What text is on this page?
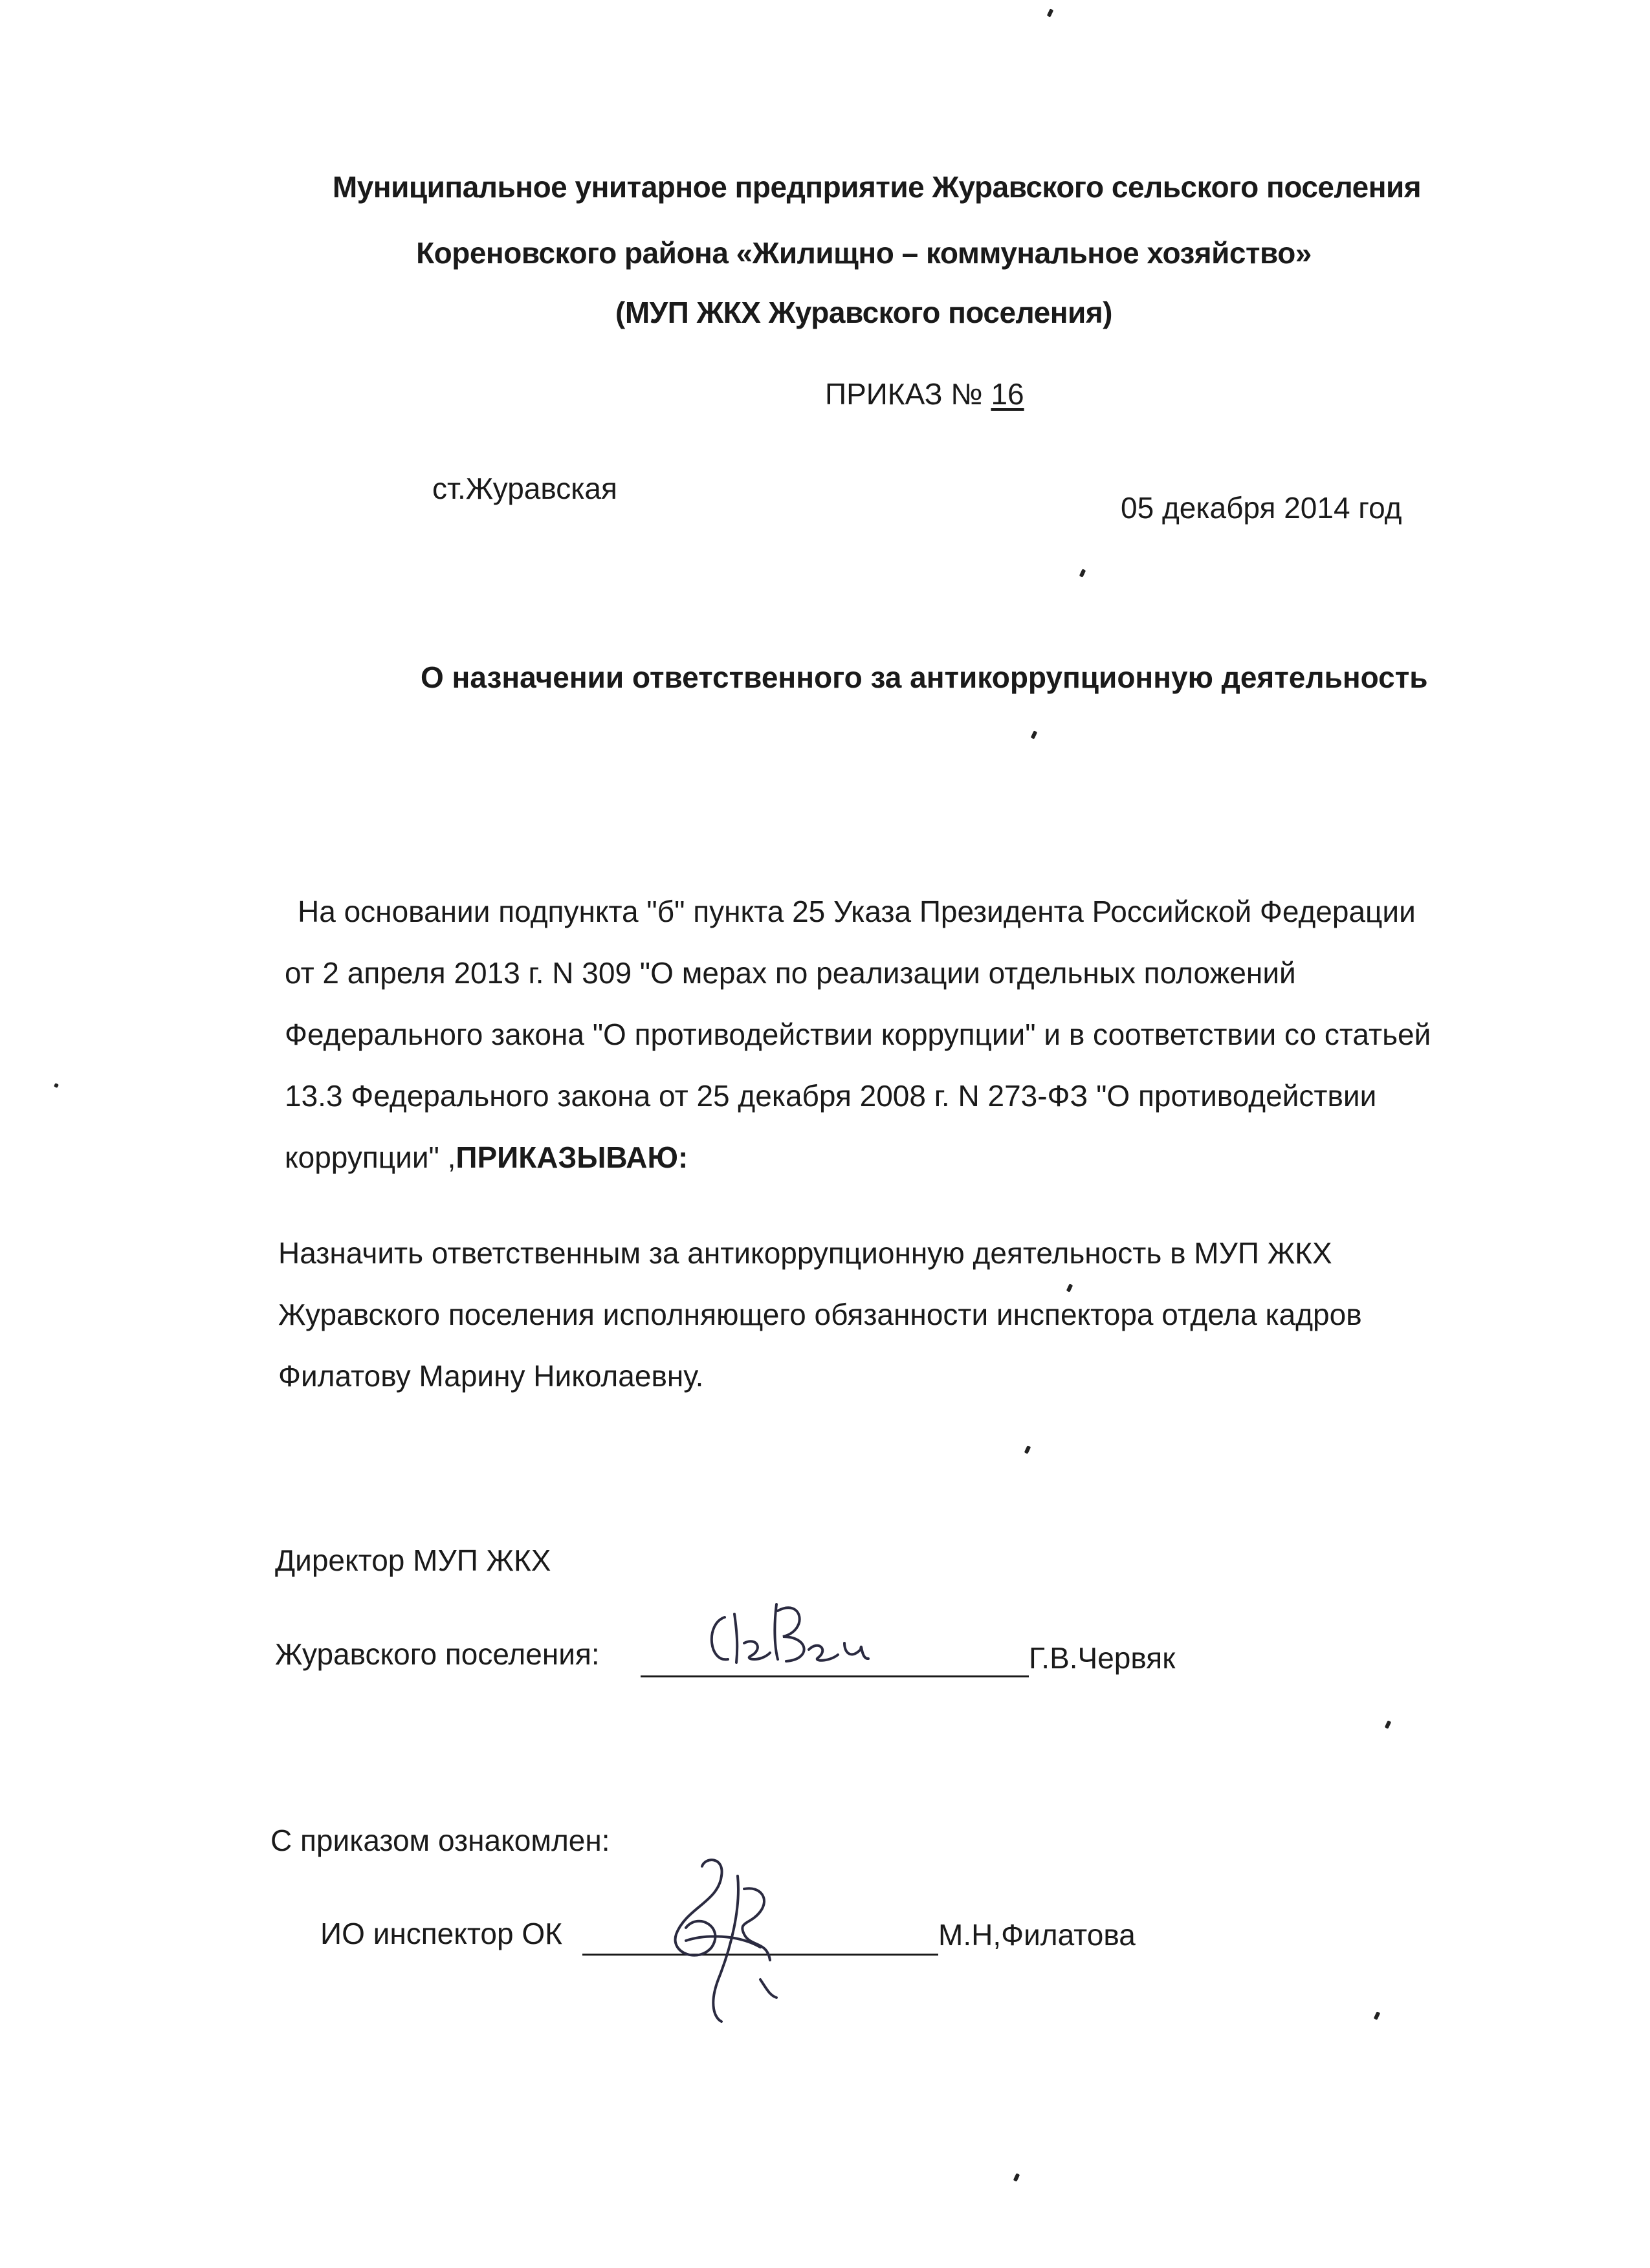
Муниципальное унитарное предприятие Журавского сельского поселения
Кореновского района «Жилищно – коммунальное хозяйство»
(МУП ЖКХ Журавского поселения)
ПРИКАЗ № 16
ст.Журавская
05 декабря 2014 год
О назначении ответственного за антикоррупционную деятельность
На основании подпункта "б" пункта 25 Указа Президента Российской Федерации
от 2 апреля 2013 г. N 309 "О мерах по реализации отдельных положений
Федерального закона "О противодействии коррупции" и в соответствии со статьей
13.3 Федерального закона от 25 декабря 2008 г. N 273-ФЗ "О противодействии
коррупции" ,ПРИКАЗЫВАЮ:
Назначить ответственным за антикоррупционную деятельность в МУП ЖКХ
Журавского поселения исполняющего обязанности инспектора отдела кадров
Филатову Марину Николаевну.
Директор МУП ЖКХ
Журавского поселения:	Г.В.Червяк
С приказом ознакомлен:
ИО инспектор ОК	М.Н,Филатова
